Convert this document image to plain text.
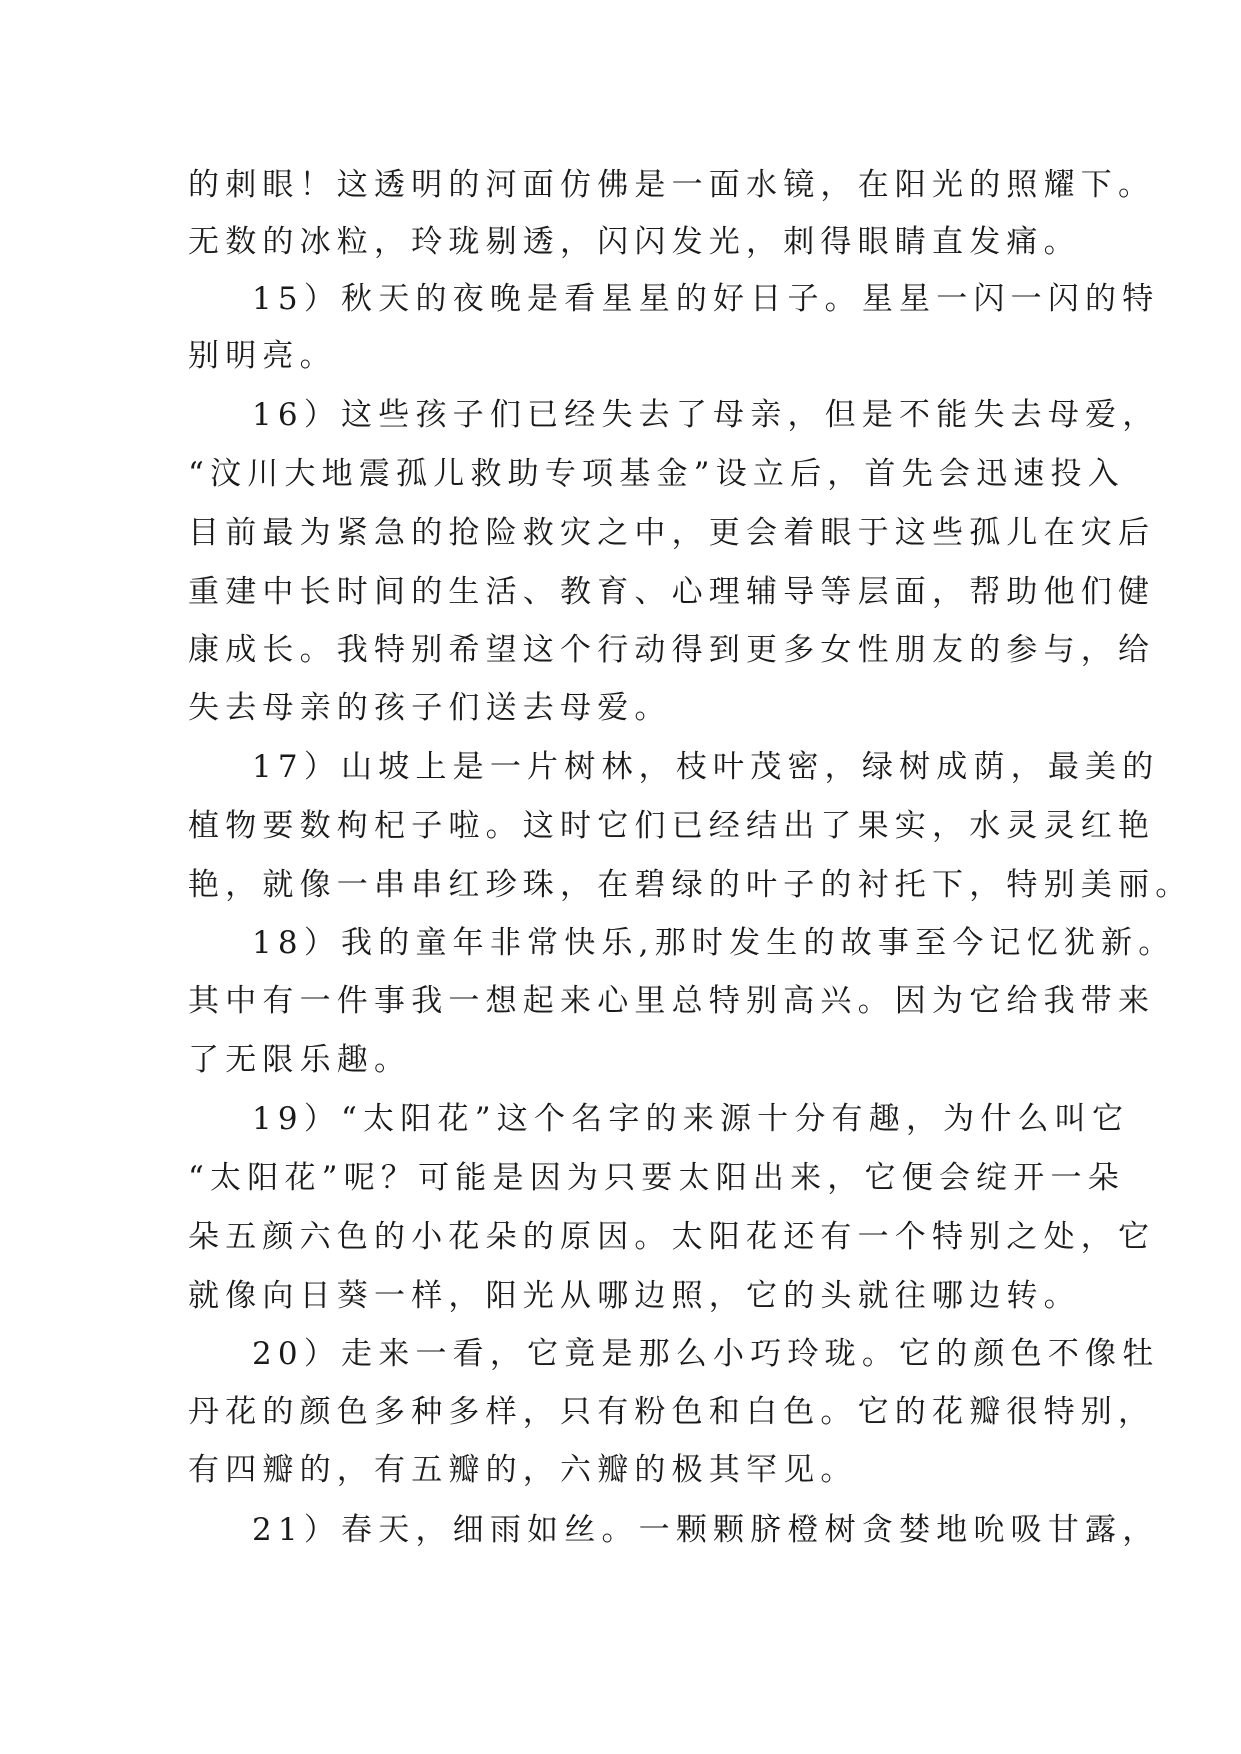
的刺眼！这透明的河面仿佛是一面水镜，在阳光的照耀下。
无数的冰粒，玲珑剔透，闪闪发光，刺得眼睛直发痛。
15）秋天的夜晚是看星星的好日子。星星一闪一闪的特
别明亮。
16）这些孩子们已经失去了母亲，但是不能失去母爱，
“汶川大地震孤儿救助专项基金”设立后，首先会迅速投入
目前最为紧急的抢险救灾之中，更会着眼于这些孤儿在灾后
重建中长时间的生活、教育、心理辅导等层面，帮助他们健
康成长。我特别希望这个行动得到更多女性朋友的参与，给
失去母亲的孩子们送去母爱。
17）山坡上是一片树林，枝叶茂密，绿树成荫，最美的
植物要数枸杞子啦。这时它们已经结出了果实，水灵灵红艳
艳，就像一串串红珍珠，在碧绿的叶子的衬托下，特别美丽。
18）我的童年非常快乐,那时发生的故事至今记忆犹新。
其中有一件事我一想起来心里总特别高兴。因为它给我带来
了无限乐趣。
19）“太阳花”这个名字的来源十分有趣，为什么叫它
“太阳花”呢？可能是因为只要太阳出来，它便会绽开一朵
朵五颜六色的小花朵的原因。太阳花还有一个特别之处，它
就像向日葵一样，阳光从哪边照，它的头就往哪边转。
20）走来一看，它竟是那么小巧玲珑。它的颜色不像牡
丹花的颜色多种多样，只有粉色和白色。它的花瓣很特别，
有四瓣的，有五瓣的，六瓣的极其罕见。
21）春天，细雨如丝。一颗颗脐橙树贪婪地吮吸甘露，
